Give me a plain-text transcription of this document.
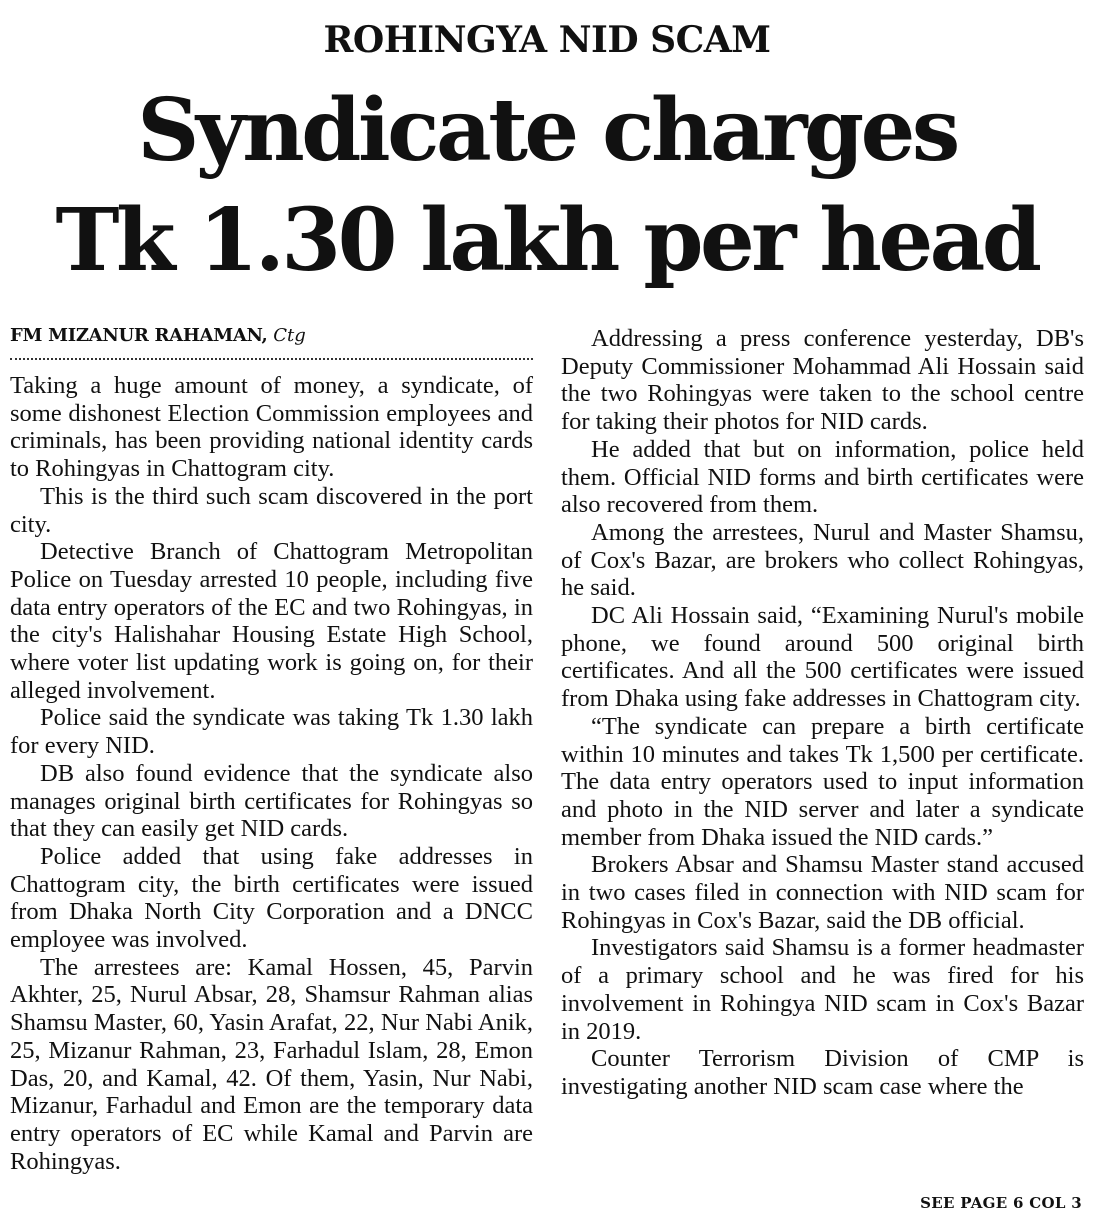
ROHINGYA NID SCAM
Syndicate charges
Tk 1.30 lakh per head
FM MIZANUR RAHAMAN, Ctg

Taking a huge amount of money, a syndicate, of some dishonest Election Commission employees and criminals, has been providing national identity cards to Rohingyas in Chattogram city.

This is the third such scam discovered in the port city.

Detective Branch of Chattogram Metropolitan Police on Tuesday arrested 10 people, including five data entry operators of the EC and two Rohingyas, in the city's Halishahar Housing Estate High School, where voter list updating work is going on, for their alleged involvement.

Police said the syndicate was taking Tk 1.30 lakh for every NID.

DB also found evidence that the syndicate also manages original birth certificates for Rohingyas so that they can easily get NID cards.

Police added that using fake addresses in Chattogram city, the birth certificates were issued from Dhaka North City Corporation and a DNCC employee was involved.

The arrestees are: Kamal Hossen, 45, Parvin Akhter, 25, Nurul Absar, 28, Shamsur Rahman alias Shamsu Master, 60, Yasin Arafat, 22, Nur Nabi Anik, 25, Mizanur Rahman, 23, Farhadul Islam, 28, Emon Das, 20, and Kamal, 42. Of them, Yasin, Nur Nabi, Mizanur, Farhadul and Emon are the temporary data entry operators of EC while Kamal and Parvin are Rohingyas.

Addressing a press conference yesterday, DB's Deputy Commissioner Mohammad Ali Hossain said the two Rohingyas were taken to the school centre for taking their photos for NID cards.

He added that but on information, police held them. Official NID forms and birth certificates were also recovered from them.

Among the arrestees, Nurul and Master Shamsu, of Cox's Bazar, are brokers who collect Rohingyas, he said.

DC Ali Hossain said, “Examining Nurul's mobile phone, we found around 500 original birth certificates. And all the 500 certificates were issued from Dhaka using fake addresses in Chattogram city.

“The syndicate can prepare a birth certificate within 10 minutes and takes Tk 1,500 per certificate. The data entry operators used to input information and photo in the NID server and later a syndicate member from Dhaka issued the NID cards.”

Brokers Absar and Shamsu Master stand accused in two cases filed in connection with NID scam for Rohingyas in Cox's Bazar, said the DB official.

Investigators said Shamsu is a former headmaster of a primary school and he was fired for his involvement in Rohingya NID scam in Cox's Bazar in 2019.

Counter Terrorism Division of CMP is investigating another NID scam case where the

SEE PAGE 6 COL 3
